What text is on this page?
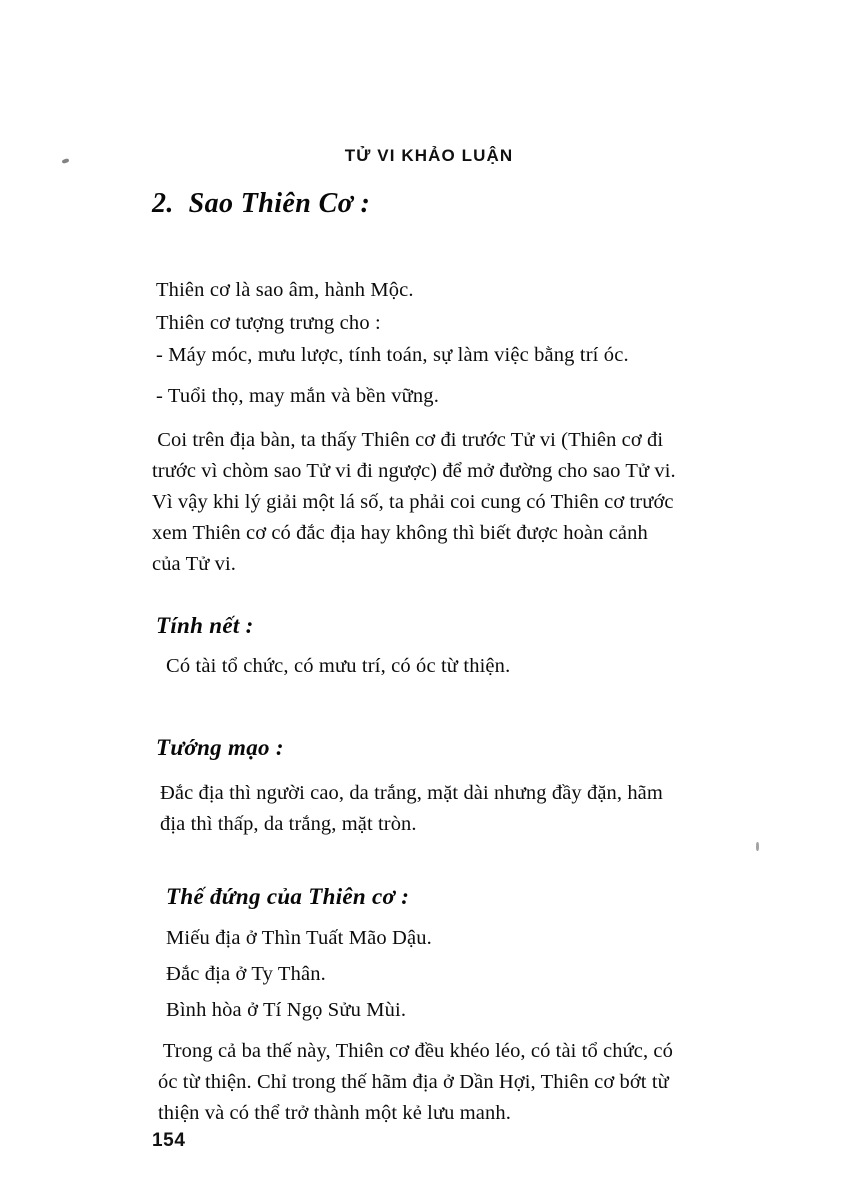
TỬ VI KHẢO LUẬN
2.  Sao Thiên Cơ :
Thiên cơ là sao âm, hành Mộc.
Thiên cơ tượng trưng cho :
- Máy móc, mưu lược, tính toán, sự làm việc bằng trí óc.
- Tuổi thọ, may mắn và bền vững.
Coi trên địa bàn, ta thấy Thiên cơ đi trước Tử vi (Thiên cơ đi
trước vì chòm sao Tử vi đi ngược) để mở đường cho sao Tử vi.
Vì vậy khi lý giải một lá số, ta phải coi cung có Thiên cơ trước
xem Thiên cơ có đắc địa hay không thì biết được hoàn cảnh
của Tử vi.
Tính nết :
Có tài tổ chức, có mưu trí, có óc từ thiện.
Tướng mạo :
Đắc địa thì người cao, da trắng, mặt dài nhưng đầy đặn, hãm
địa thì thấp, da trắng, mặt tròn.
Thế đứng của Thiên cơ :
Miếu địa ở Thìn Tuất Mão Dậu.
Đắc địa ở Ty Thân.
Bình hòa ở Tí Ngọ Sửu Mùi.
Trong cả ba thế này, Thiên cơ đều khéo léo, có tài tổ chức, có
óc từ thiện. Chỉ trong thế hãm địa ở Dần Hợi, Thiên cơ bớt từ
thiện và có thể trở thành một kẻ lưu manh.
154
